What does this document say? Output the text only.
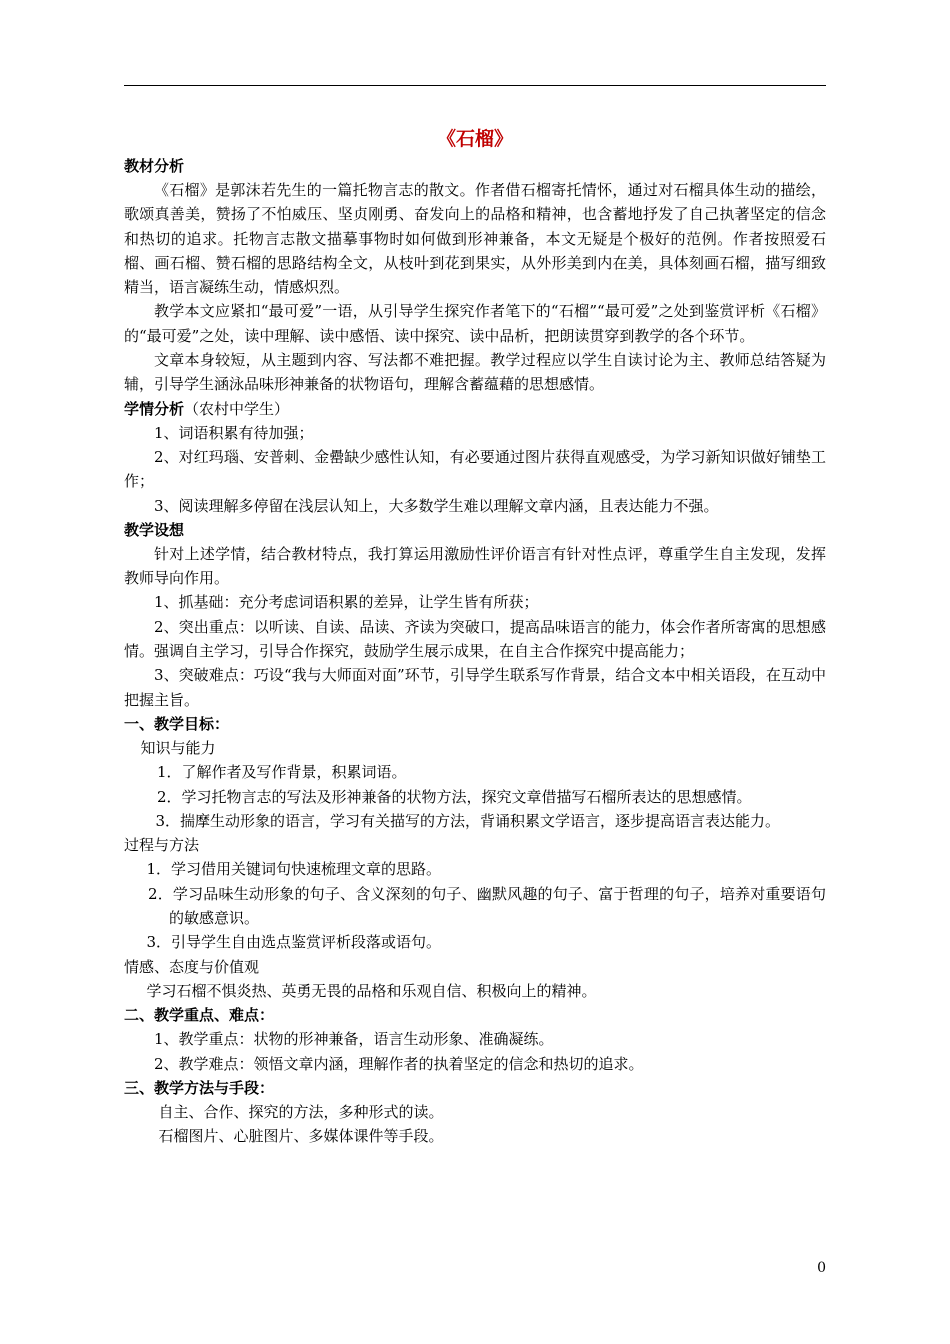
《石榴》
教材分析

《石榴》是郭沫若先生的一篇托物言志的散文。作者借石榴寄托情怀，通过对石榴具体生动的描绘，歌颂真善美，赞扬了不怕威压、坚贞刚勇、奋发向上的品格和精神，也含蓄地抒发了自己执著坚定的信念和热切的追求。托物言志散文描摹事物时如何做到形神兼备，本文无疑是个极好的范例。作者按照爱石榴、画石榴、赞石榴的思路结构全文，从枝叶到花到果实，从外形美到内在美，具体刻画石榴，描写细致精当，语言凝练生动，情感炽烈。

教学本文应紧扣“最可爱”一语，从引导学生探究作者笔下的“石榴”“最可爱”之处到鉴赏评析《石榴》的“最可爱”之处，读中理解、读中感悟、读中探究、读中品析，把朗读贯穿到教学的各个环节。

文章本身较短，从主题到内容、写法都不难把握。教学过程应以学生自读讨论为主、教师总结答疑为辅，引导学生涵泳品味形神兼备的状物语句，理解含蓄蕴藉的思想感情。

学情分析（农村中学生）

1、词语积累有待加强；

2、对红玛瑙、安普刺、金罍缺少感性认知，有必要通过图片获得直观感受，为学习新知识做好铺垫工作；

3、阅读理解多停留在浅层认知上，大多数学生难以理解文章内涵，且表达能力不强。

教学设想

针对上述学情，结合教材特点，我打算运用激励性评价语言有针对性点评，尊重学生自主发现，发挥教师导向作用。

1、抓基础：充分考虑词语积累的差异，让学生皆有所获；

2、突出重点：以听读、自读、品读、齐读为突破口，提高品味语言的能力，体会作者所寄寓的思想感情。强调自主学习，引导合作探究，鼓励学生展示成果，在自主合作探究中提高能力；

3、突破难点：巧设“我与大师面对面”环节，引导学生联系写作背景，结合文本中相关语段，在互动中把握主旨。

一、教学目标：

知识与能力

1．了解作者及写作背景，积累词语。

2．学习托物言志的写法及形神兼备的状物方法，探究文章借描写石榴所表达的思想感情。

3．揣摩生动形象的语言，学习有关描写的方法，背诵积累文学语言，逐步提高语言表达能力。

过程与方法

1．学习借用关键词句快速梳理文章的思路。

2．学习品味生动形象的句子、含义深刻的句子、幽默风趣的句子、富于哲理的句子，培养对重要语句的敏感意识。

3．引导学生自由选点鉴赏评析段落或语句。

情感、态度与价值观

学习石榴不惧炎热、英勇无畏的品格和乐观自信、积极向上的精神。

二、教学重点、难点：

1、教学重点：状物的形神兼备，语言生动形象、准确凝练。

2、教学难点：领悟文章内涵，理解作者的执着坚定的信念和热切的追求。

三、教学方法与手段：

自主、合作、探究的方法，多种形式的读。

石榴图片、心脏图片、多媒体课件等手段。

0
